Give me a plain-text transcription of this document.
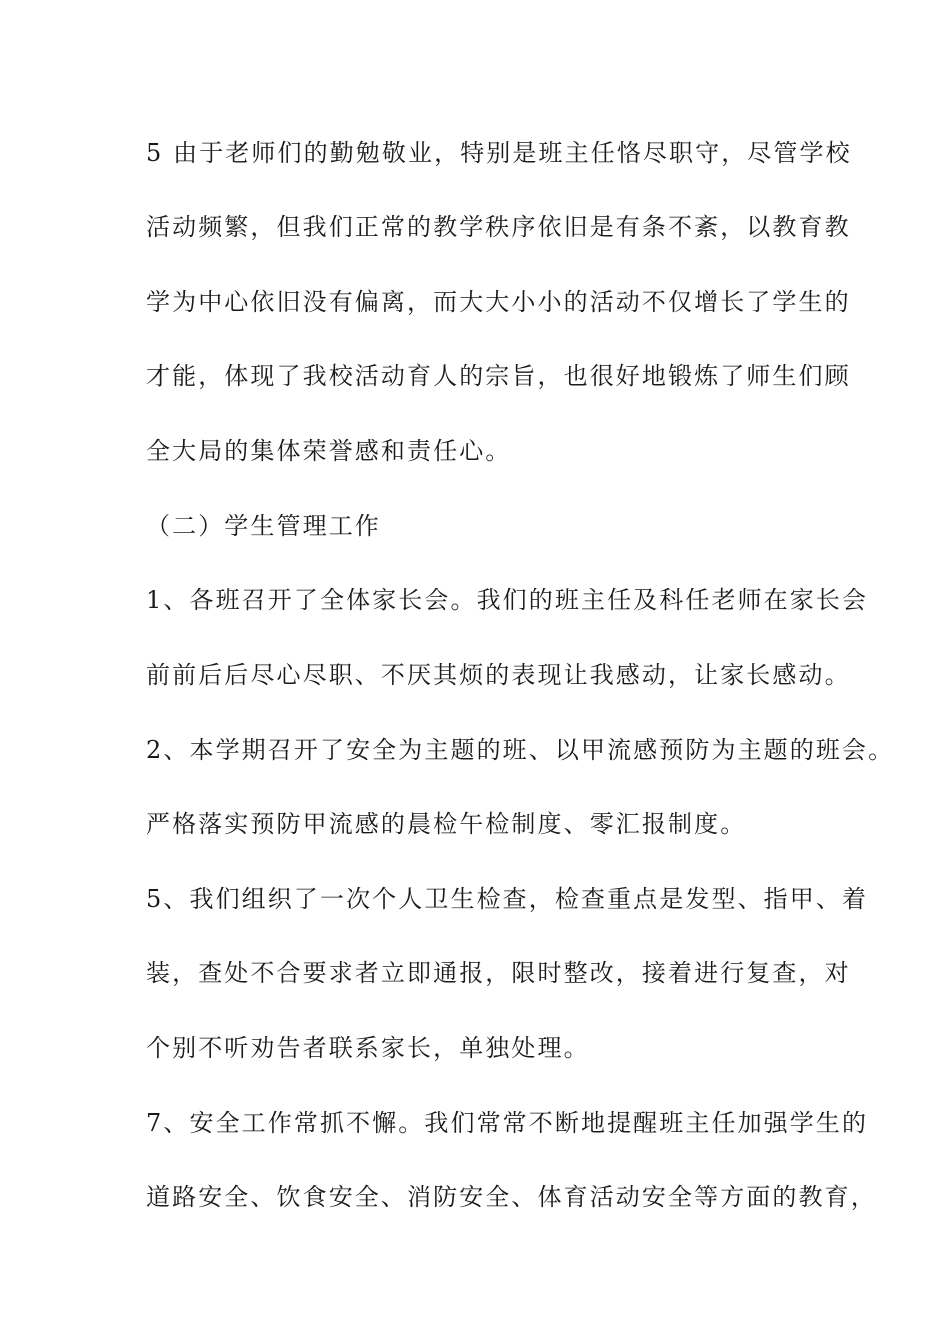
5 由于老师们的勤勉敬业，特别是班主任恪尽职守，尽管学校
活动频繁，但我们正常的教学秩序依旧是有条不紊，以教育教
学为中心依旧没有偏离，而大大小小的活动不仅增长了学生的
才能，体现了我校活动育人的宗旨，也很好地锻炼了师生们顾
全大局的集体荣誉感和责任心。
（二）学生管理工作
1、各班召开了全体家长会。我们的班主任及科任老师在家长会
前前后后尽心尽职、不厌其烦的表现让我感动，让家长感动。
2、本学期召开了安全为主题的班、以甲流感预防为主题的班会。
严格落实预防甲流感的晨检午检制度、零汇报制度。
5、我们组织了一次个人卫生检查，检查重点是发型、指甲、着
装，查处不合要求者立即通报，限时整改，接着进行复查，对
个别不听劝告者联系家长，单独处理。
7、安全工作常抓不懈。我们常常不断地提醒班主任加强学生的
道路安全、饮食安全、消防安全、体育活动安全等方面的教育，
